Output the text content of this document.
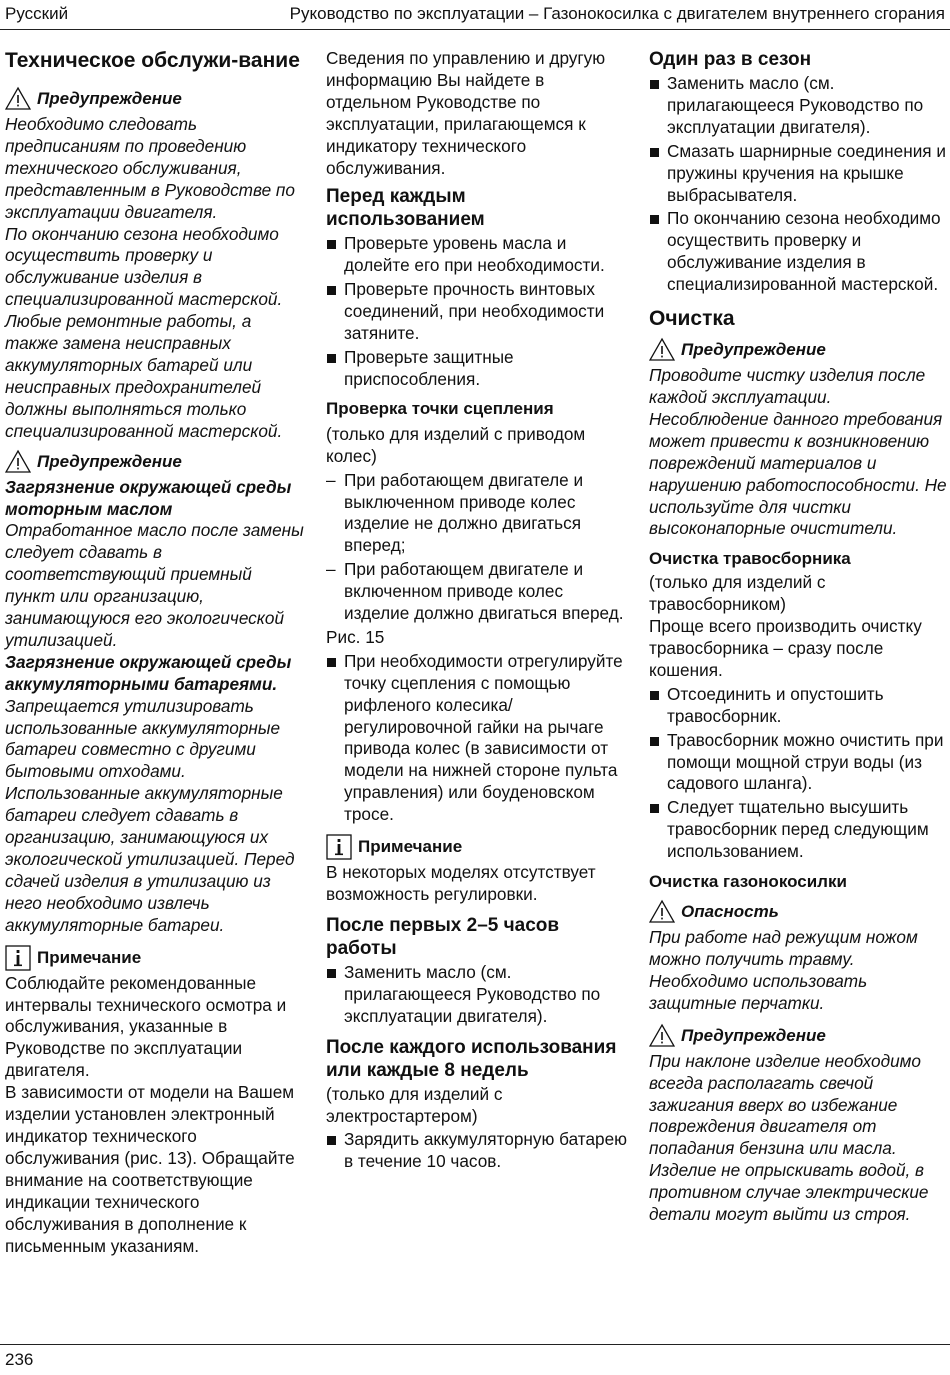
Русский	Руководство по эксплуатации – Газонокосилка с двигателем внутреннего сгорания
Техническое обслужи-вание
Предупреждение

Необходимо следовать предписаниям по проведению технического обслуживания, представленным в Руководстве по эксплуатации двигателя.

По окончанию сезона необходимо осуществить проверку и обслуживание изделия в специализированной мастерской.

Любые ремонтные работы, а также замена неисправных аккумуляторных батарей или неисправных предохранителей должны выполняться только специализированной мастерской.

Предупреждение

Загрязнение окружающей среды моторным маслом

Отработанное масло после замены следует сдавать в соответствующий приемный пункт или организацию, занимающуюся его экологической утилизацией.

Загрязнение окружающей среды аккумуляторными батареями.

Запрещается утилизировать использованные аккумуляторные батареи совместно с другими бытовыми отходами. Использованные аккумуляторные батареи следует сдавать в организацию, занимающуюся их экологической утилизацией. Перед сдачей изделия в утилизацию из него необходимо извлечь аккумуляторные батареи.

Примечание

Соблюдайте рекомендованные интервалы технического осмотра и обслуживания, указанные в Руководстве по эксплуатации двигателя.

В зависимости от модели на Вашем изделии установлен электронный индикатор технического обслуживания (рис. 13). Обращайте внимание на соответствующие индикации технического обслуживания в дополнение к письменным указаниям.

Сведения по управлению и другую информацию Вы найдете в отдельном Руководстве по эксплуатации, прилагающемся к индикатору технического обслуживания.

Перед каждым использованием
Проверьте уровень масла и долейте его при необходимости.
Проверьте прочность винтовых соединений, при необходимости затяните.
Проверьте защитные приспособления.
Проверка точки сцепления

(только для изделий с приводом колес)

– При работающем двигателе и выключенном приводе колес изделие не должно двигаться вперед;
– При работающем двигателе и включенном приводе колес изделие должно двигаться вперед.

Рис. 15

При необходимости отрегулируйте точку сцепления с помощью рифленого колесика/регулировочной гайки на рычаге привода колес (в зависимости от модели на нижней стороне пульта управления) или боуденовском тросе.
Примечание

В некоторых моделях отсутствует возможность регулировки.

После первых 2–5 часов работы
Заменить масло (см. прилагающееся Руководство по эксплуатации двигателя).
После каждого использования или каждые 8 недель

(только для изделий с электростартером)

Зарядить аккумуляторную батарею в течение 10 часов.
Один раз в сезон
Заменить масло (см. прилагающееся Руководство по эксплуатации двигателя).
Смазать шарнирные соединения и пружины кручения на крышке выбрасывателя.
По окончанию сезона необходимо осуществить проверку и обслуживание изделия в специализированной мастерской.
Очистка
Предупреждение

Проводите чистку изделия после каждой эксплуатации. Несоблюдение данного требования может привести к возникновению повреждений материалов и нарушению работоспособности. Не используйте для чистки высоконапорные очистители.

Очистка травосборника

(только для изделий с травосборником)

Проще всего производить очистку травосборника – сразу после кошения.

Отсоединить и опустошить травосборник.
Травосборник можно очистить при помощи мощной струи воды (из садового шланга).
Следует тщательно высушить травосборник перед следующим использованием.
Очистка газонокосилки
Опасность

При работе над режущим ножом можно получить травму. Необходимо использовать защитные перчатки.

Предупреждение

При наклоне изделие необходимо всегда располагать свечой зажигания вверх во избежание повреждения двигателя от попадания бензина или масла.

Изделие не опрыскивать водой, в противном случае электрические детали могут выйти из строя.

236
